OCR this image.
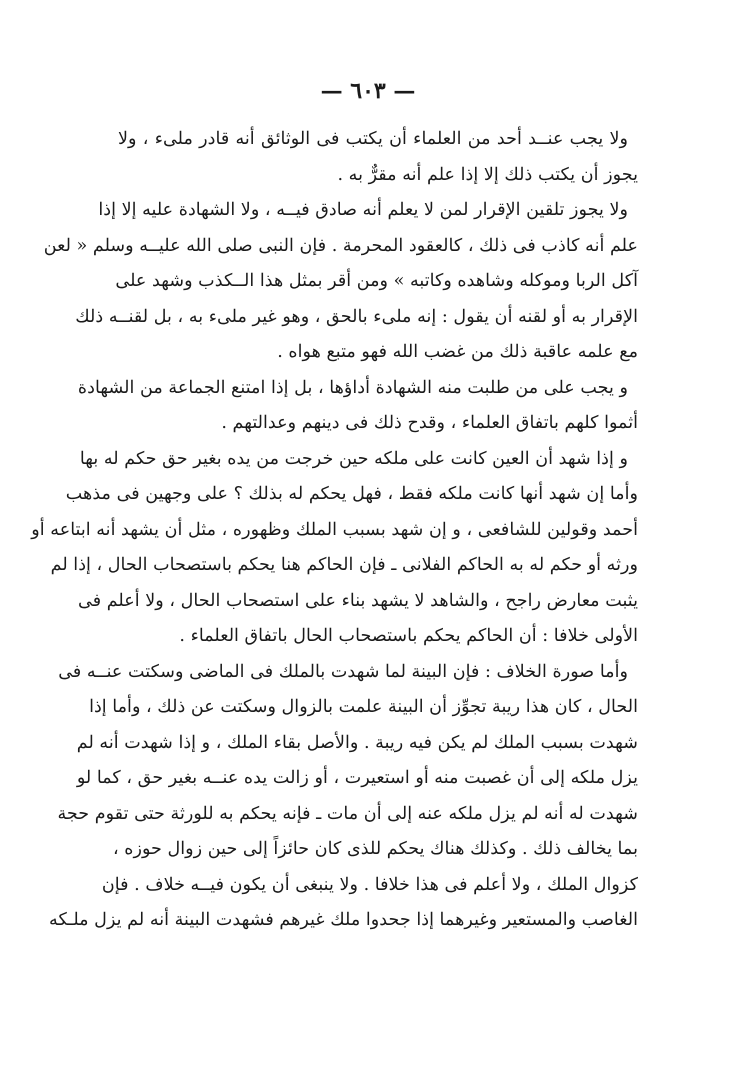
— ٦٠٣ —
ولا يجب عنــد أحد من العلماء أن يكتب فى الوثائق أنه قادر ملىء ، ولا
يجوز أن يكتب ذلك إلا إذا علم أنه مقرٌّ به .
ولا يجوز تلقين الإقرار لمن لا يعلم أنه صادق فيــه ، ولا الشهادة عليه إلا إذا
علم أنه كاذب فى ذلك ، كالعقود المحرمة . فإن النبى صلى الله عليــه وسلم « لعن
آكل الربا وموكله وشاهده وكاتبه » ومن أقر بمثل هذا الــكذب وشهد على
الإقرار به أو لقنه أن يقول : إنه ملىء بالحق ، وهو غير ملىء به ، بل لقنــه ذلك
مع علمه عاقبة ذلك من غضب الله فهو متبع هواه .
و يجب على من طلبت منه الشهادة أداؤها ، بل إذا امتنع الجماعة من الشهادة
أثموا كلهم باتفاق العلماء ، وقدح ذلك فى دينهم وعدالتهم .
و إذا شهد أن العين كانت على ملكه حين خرجت من يده بغير حق حكم له بها
وأما إن شهد أنها كانت ملكه فقط ، فهل يحكم له بذلك ؟ على وجهين فى مذهب
أحمد وقولين للشافعى ، و إن شهد بسبب الملك وظهوره ، مثل أن يشهد أنه ابتاعه أو
ورثه أو حكم له به الحاكم الفلانى ـ فإن الحاكم هنا يحكم باستصحاب الحال ، إذا لم
يثبت معارض راجح ، والشاهد لا يشهد بناء على استصحاب الحال ، ولا أعلم فى
الأولى خلافا : أن الحاكم يحكم باستصحاب الحال باتفاق العلماء .
وأما صورة الخلاف : فإن البينة لما شهدت بالملك فى الماضى وسكتت عنــه فى
الحال ، كان هذا ريبة تجوِّز أن البينة علمت بالزوال وسكتت عن ذلك ، وأما إذا
شهدت بسبب الملك لم يكن فيه ريبة . والأصل بقاء الملك ، و إذا شهدت أنه لم
يزل ملكه إلى أن غصبت منه أو استعيرت ، أو زالت يده عنــه بغير حق ، كما لو
شهدت له أنه لم يزل ملكه عنه إلى أن مات ـ فإنه يحكم به للورثة حتى تقوم حجة
بما يخالف ذلك . وكذلك هناك يحكم للذى كان حائزاً إلى حين زوال حوزه ،
كزوال الملك ، ولا أعلم فى هذا خلافا . ولا ينبغى أن يكون فيــه خلاف . فإن
الغاصب والمستعير وغيرهما إذا جحدوا ملك غيرهم فشهدت البينة أنه لم يزل ملـكه
